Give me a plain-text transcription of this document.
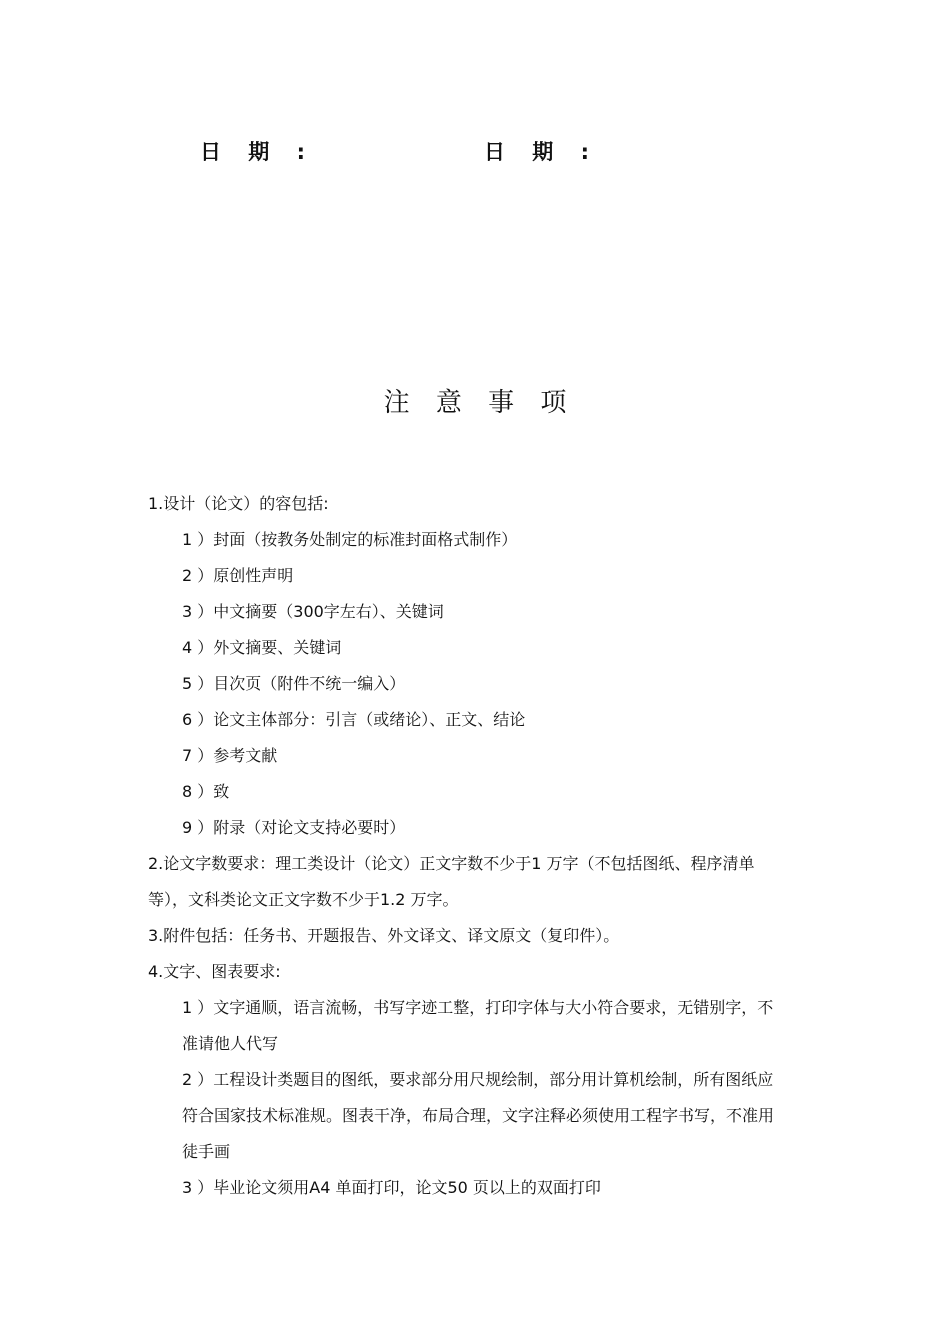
日 期 :	日 期 :
注 意 事 项
1.设计（论文）的容包括:
1 ）封面（按教务处制定的标准封面格式制作）
2 ）原创性声明
3 ）中文摘要（300字左右）、关键词
4 ）外文摘要、关键词
5 ）目次页（附件不统一编入）
6 ）论文主体部分：引言（或绪论）、正文、结论
7 ）参考文献
8 ）致
9 ）附录（对论文支持必要时）
2.论文字数要求：理工类设计（论文）正文字数不少于1 万字（不包括图纸、程序清单
等），文科类论文正文字数不少于1.2 万字。
3.附件包括：任务书、开题报告、外文译文、译文原文（复印件）。
4.文字、图表要求:
1 ）文字通顺，语言流畅，书写字迹工整，打印字体与大小符合要求，无错别字，不
准请他人代写
2 ）工程设计类题目的图纸，要求部分用尺规绘制，部分用计算机绘制，所有图纸应
符合国家技术标准规。图表干净，布局合理，文字注释必须使用工程字书写，不准用
徒手画
3 ）毕业论文须用A4 单面打印，论文50 页以上的双面打印
